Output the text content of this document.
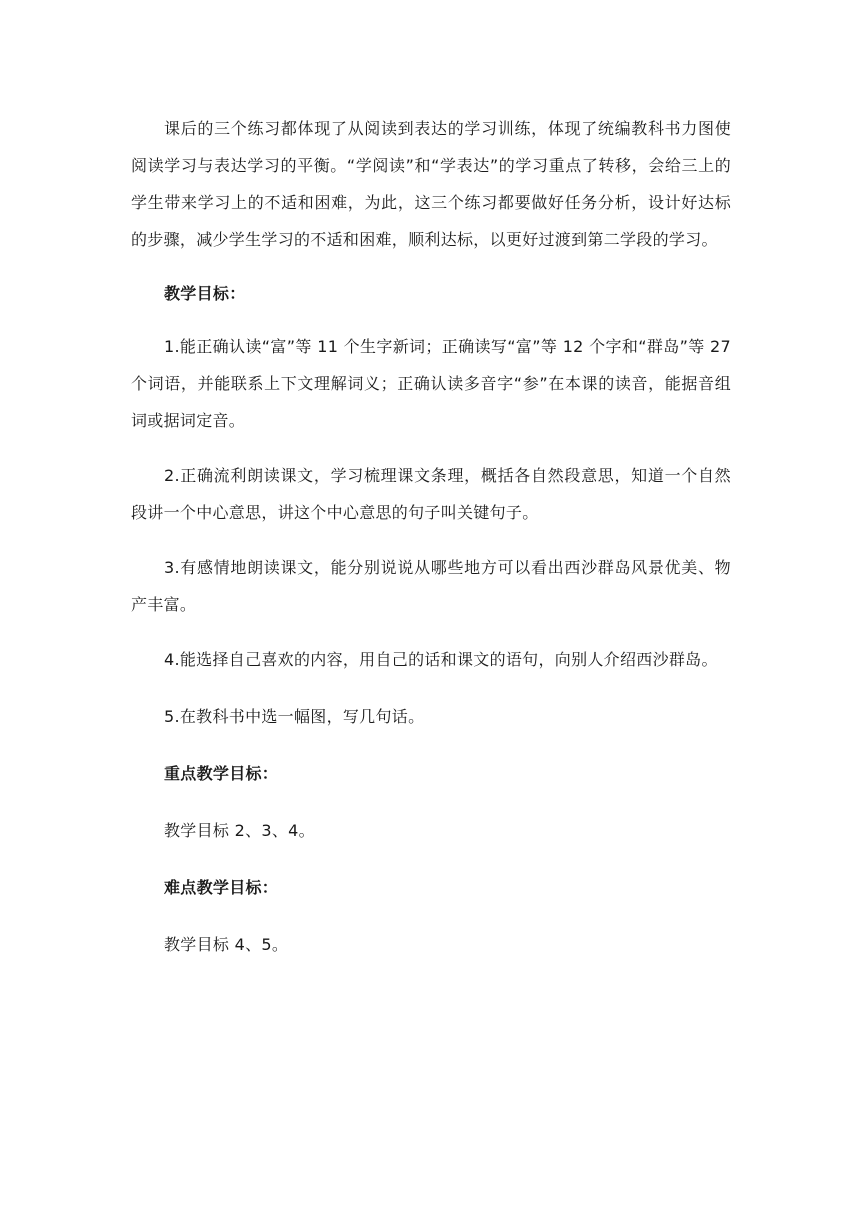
课后的三个练习都体现了从阅读到表达的学习训练，体现了统编教科书力图使阅读学习与表达学习的平衡。“学阅读”和“学表达”的学习重点了转移，会给三上的学生带来学习上的不适和困难，为此，这三个练习都要做好任务分析，设计好达标的步骤，减少学生学习的不适和困难，顺利达标，以更好过渡到第二学段的学习。

教学目标：

1.能正确认读“富”等 11 个生字新词；正确读写“富”等 12 个字和“群岛”等 27 个词语，并能联系上下文理解词义；正确认读多音字“参”在本课的读音，能据音组词或据词定音。

2.正确流利朗读课文，学习梳理课文条理，概括各自然段意思，知道一个自然段讲一个中心意思，讲这个中心意思的句子叫关键句子。

3.有感情地朗读课文，能分别说说从哪些地方可以看出西沙群岛风景优美、物产丰富。

4.能选择自己喜欢的内容，用自己的话和课文的语句，向别人介绍西沙群岛。

5.在教科书中选一幅图，写几句话。

重点教学目标：

教学目标 2、3、4。

难点教学目标：

教学目标 4、5。
